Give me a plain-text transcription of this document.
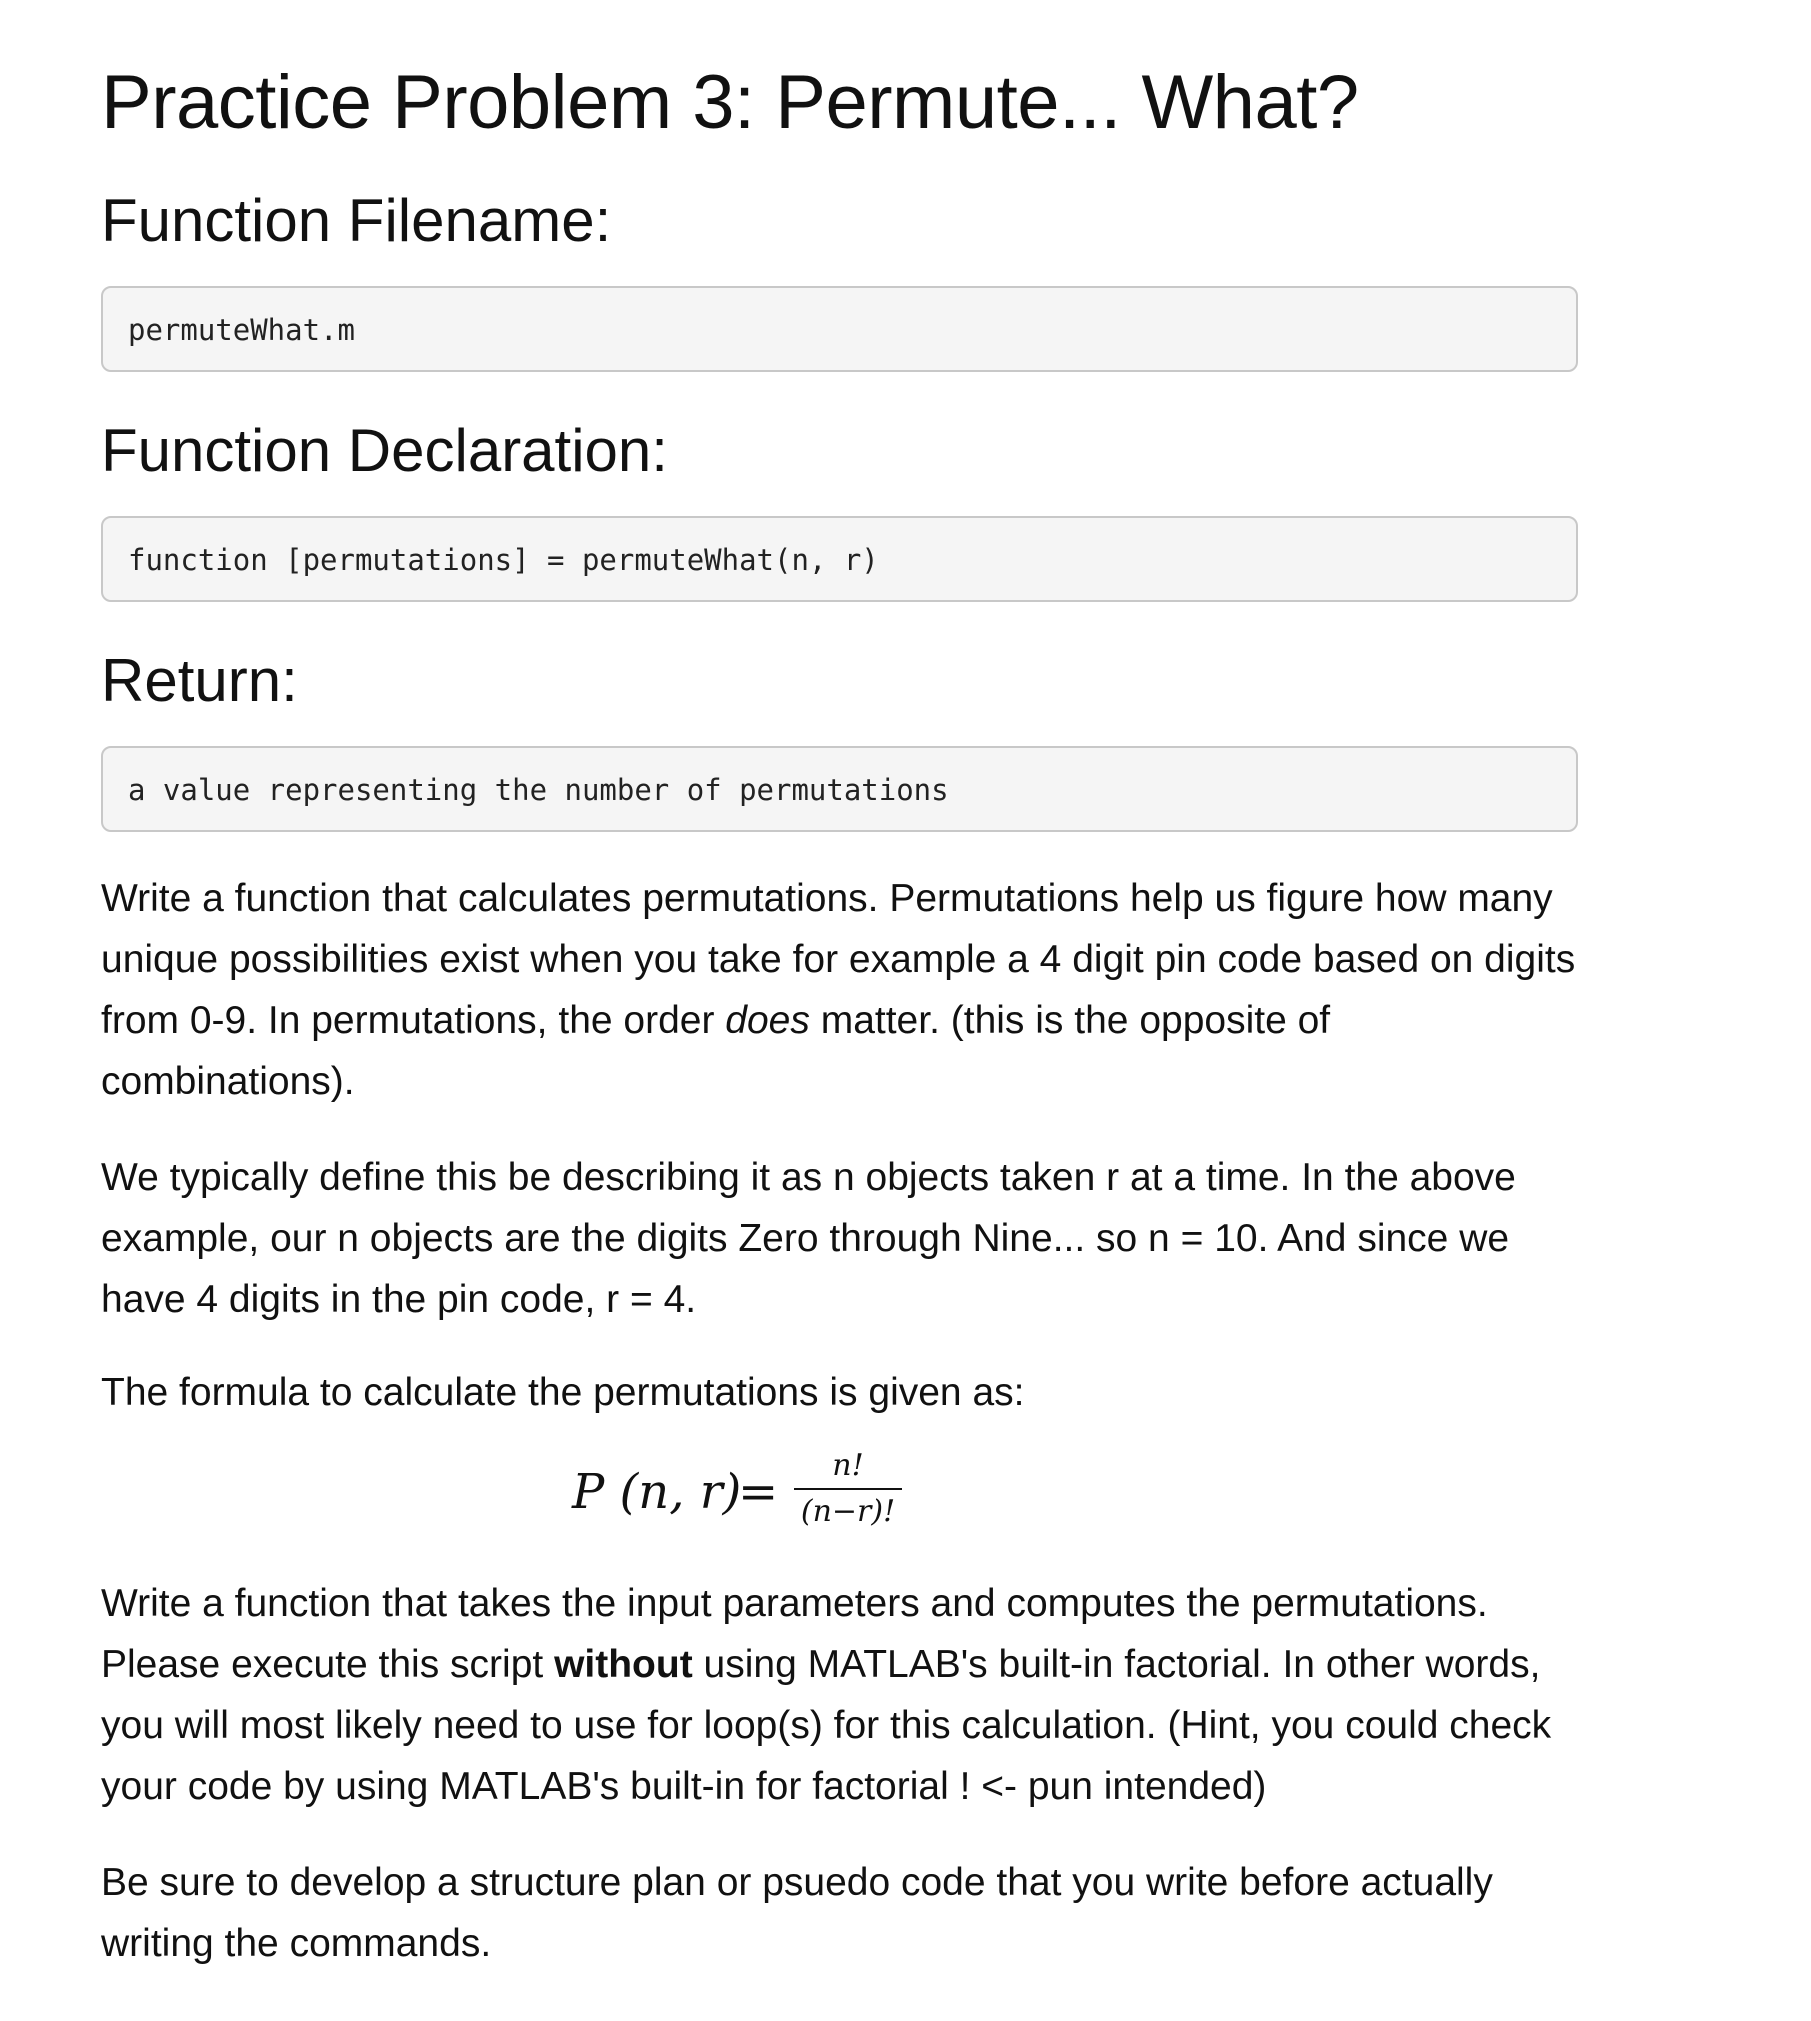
Practice Problem 3: Permute... What?
Function Filename:
permuteWhat.m
Function Declaration:
function [permutations] = permuteWhat(n, r)
Return:
a value representing the number of permutations

Write a function that calculates permutations. Permutations help us figure how many unique possibilities exist when you take for example a 4 digit pin code based on digits from 0-9. In permutations, the order does matter. (this is the opposite of combinations).

We typically define this be describing it as n objects taken r at a time. In the above example, our n objects are the digits Zero through Nine... so n = 10. And since we have 4 digits in the pin code, r = 4.

The formula to calculate the permutations is given as:

Write a function that takes the input parameters and computes the permutations. Please execute this script without using MATLAB's built-in factorial. In other words, you will most likely need to use for loop(s) for this calculation. (Hint, you could check your code by using MATLAB's built-in for factorial ! <- pun intended)

Be sure to develop a structure plan or psuedo code that you write before actually writing the commands.

P (n, r)
=	n!
(n−r)!
